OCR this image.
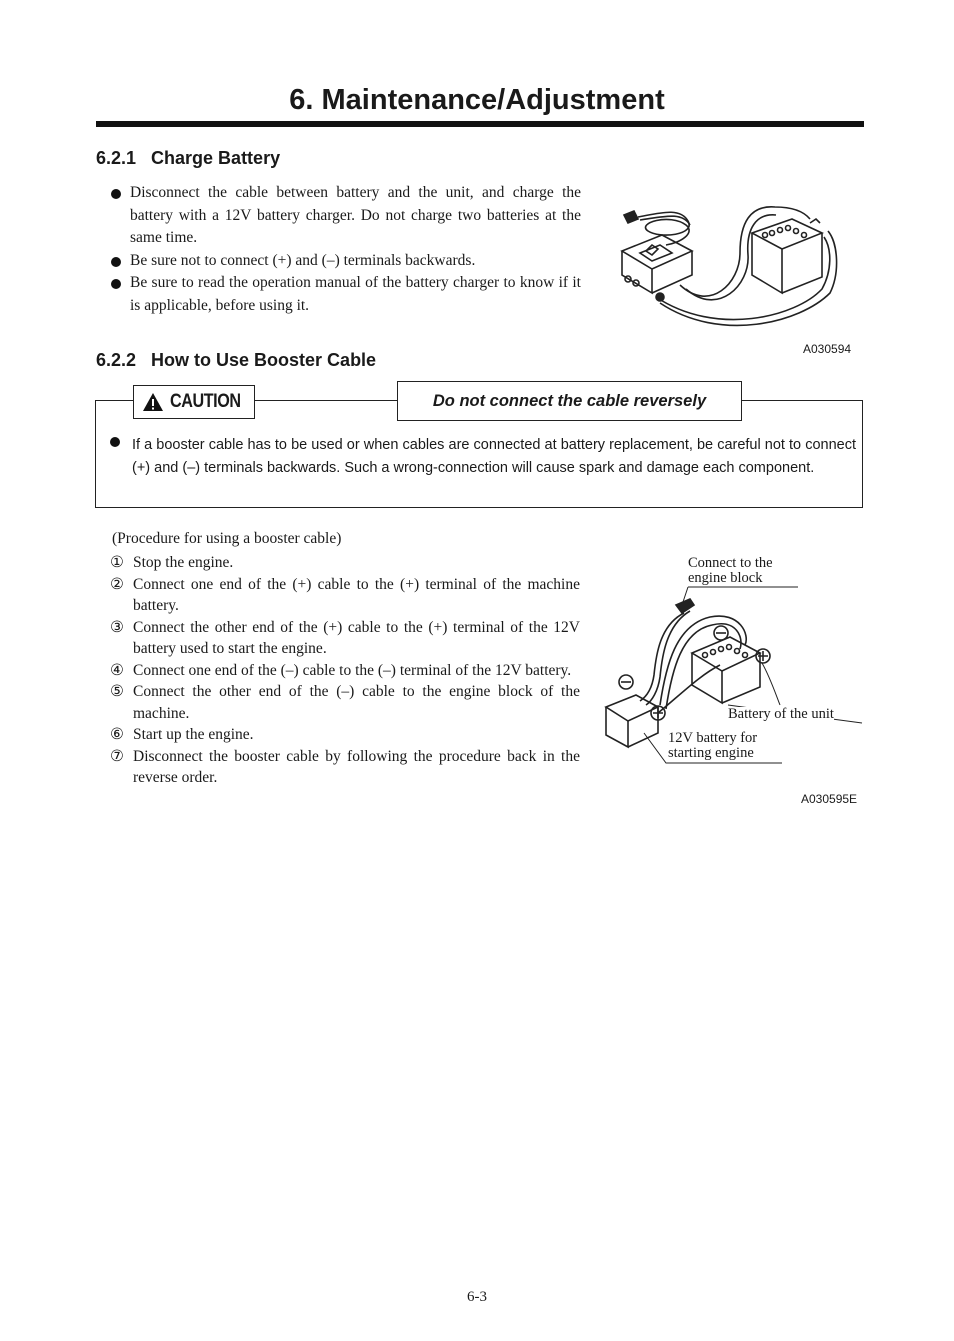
6. Maintenance/Adjustment
6.2.1   Charge Battery
Disconnect the cable between battery and the unit, and charge the battery with a 12V battery charger. Do not charge two batteries at the same time.
Be sure not to connect (+) and (–) terminals backwards.
Be sure to read the operation manual of the battery charger to know if it is applicable, before using it.
A030594
6.2.2   How to Use Booster Cable
CAUTION	Do not connect the cable reversely
If a booster cable has to be used or when cables are connected at battery replacement, be careful not to connect (+) and (–) terminals backwards. Such a wrong-connection will cause spark and damage each component.
(Procedure for using a booster cable)
① Stop the engine.
② Connect one end of the (+) cable to the (+) terminal of the machine battery.
③ Connect the other end of the (+) cable to the (+) terminal of the 12V battery used to start the engine.
④ Connect one end of the (–) cable to the (–) terminal of the 12V battery.
⑤ Connect the other end of the (–) cable to the engine block of the machine.
⑥ Start up the engine.
⑦ Disconnect the booster cable by following the procedure back in the reverse order.
Connect to the
engine block
Battery of the unit
12V battery for
starting engine
A030595E
6-3
